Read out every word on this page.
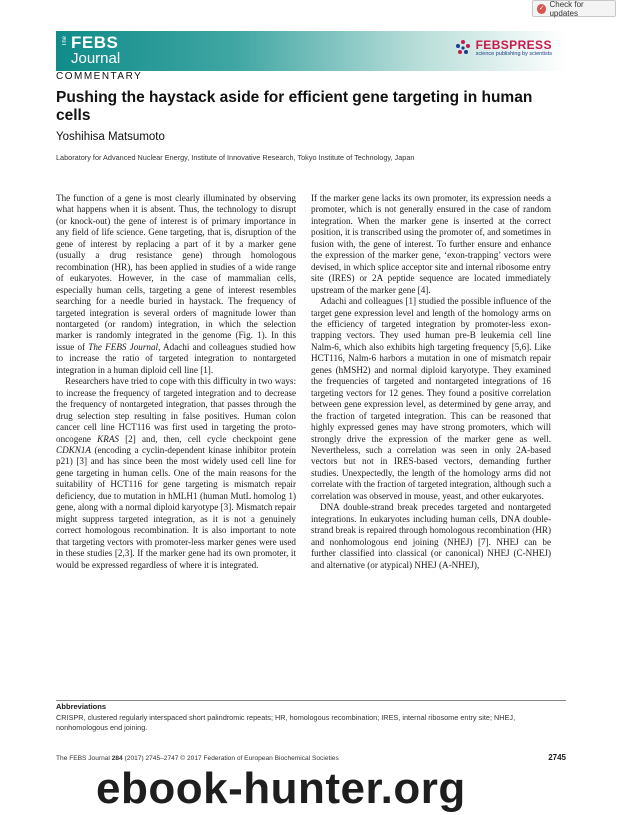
✓ Check for updates
The FEBS
Journal
FEBSPRESS
science publishing by scientists
COMMENTARY
Pushing the haystack aside for efficient gene targeting in human cells
Yoshihisa Matsumoto
Laboratory for Advanced Nuclear Energy, Institute of Innovative Research, Tokyo Institute of Technology, Japan

The function of a gene is most clearly illuminated by observing what happens when it is absent. Thus, the technology to disrupt (or knock-out) the gene of interest is of primary importance in any field of life science. Gene targeting, that is, disruption of the gene of interest by replacing a part of it by a marker gene (usually a drug resistance gene) through homologous recombination (HR), has been applied in studies of a wide range of eukaryotes. However, in the case of mammalian cells, especially human cells, targeting a gene of interest resembles searching for a needle buried in haystack. The frequency of targeted integration is several orders of magnitude lower than nontargeted (or random) integration, in which the selection marker is randomly integrated in the genome (Fig. 1). In this issue of The FEBS Journal, Adachi and colleagues studied how to increase the ratio of targeted integration to nontargeted integration in a human diploid cell line [1].

Researchers have tried to cope with this difficulty in two ways: to increase the frequency of targeted integration and to decrease the frequency of nontargeted integration, that passes through the drug selection step resulting in false positives. Human colon cancer cell line HCT116 was first used in targeting the proto-oncogene KRAS [2] and, then, cell cycle checkpoint gene CDKN1A (encoding a cyclin-dependent kinase inhibitor protein p21) [3] and has since been the most widely used cell line for gene targeting in human cells. One of the main reasons for the suitability of HCT116 for gene targeting is mismatch repair deficiency, due to mutation in hMLH1 (human MutL homolog 1) gene, along with a normal diploid karyotype [3]. Mismatch repair might suppress targeted integration, as it is not a genuinely correct homologous recombination. It is also important to note that targeting vectors with promoter-less marker genes were used in these studies [2,3]. If the marker gene had its own promoter, it would be expressed regardless of where it is integrated.

If the marker gene lacks its own promoter, its expression needs a promoter, which is not generally ensured in the case of random integration. When the marker gene is inserted at the correct position, it is transcribed using the promoter of, and sometimes in fusion with, the gene of interest. To further ensure and enhance the expression of the marker gene, ‘exon-trapping’ vectors were devised, in which splice acceptor site and internal ribosome entry site (IRES) or 2A peptide sequence are located immediately upstream of the marker gene [4].

Adachi and colleagues [1] studied the possible influence of the target gene expression level and length of the homology arms on the efficiency of targeted integration by promoter-less exon-trapping vectors. They used human pre-B leukemia cell line Nalm-6, which also exhibits high targeting frequency [5,6]. Like HCT116, Nalm-6 harbors a mutation in one of mismatch repair genes (hMSH2) and normal diploid karyotype. They examined the frequencies of targeted and nontargeted integrations of 16 targeting vectors for 12 genes. They found a positive correlation between gene expression level, as determined by gene array, and the fraction of targeted integration. This can be reasoned that highly expressed genes may have strong promoters, which will strongly drive the expression of the marker gene as well. Nevertheless, such a correlation was seen in only 2A-based vectors but not in IRES-based vectors, demanding further studies. Unexpectedly, the length of the homology arms did not correlate with the fraction of targeted integration, although such a correlation was observed in mouse, yeast, and other eukaryotes.

DNA double-strand break precedes targeted and nontargeted integrations. In eukaryotes including human cells, DNA double-strand break is repaired through homologous recombination (HR) and nonhomologous end joining (NHEJ) [7]. NHEJ can be further classified into classical (or canonical) NHEJ (C-NHEJ) and alternative (or atypical) NHEJ (A-NHEJ),

Abbreviations
CRISPR, clustered regularly interspaced short palindromic repeats; HR, homologous recombination; IRES, internal ribosome entry site; NHEJ, nonhomologous end joining.
The FEBS Journal 284 (2017) 2745–2747 © 2017 Federation of European Biochemical Societies	2745
ebook-hunter.org
